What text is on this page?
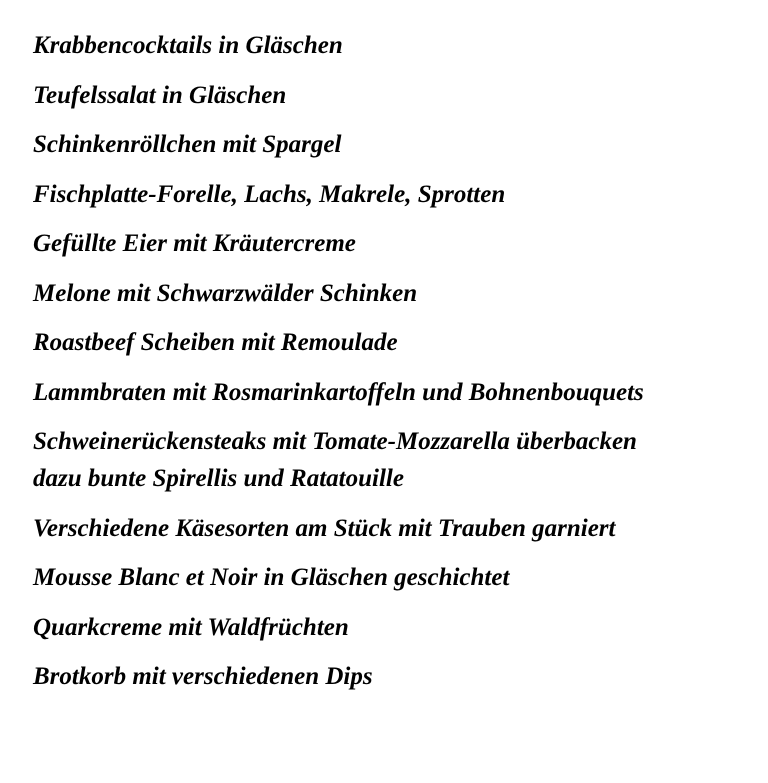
Krabbencocktails in Gläschen
Teufelssalat in Gläschen
Schinkenröllchen mit Spargel
Fischplatte-Forelle, Lachs, Makrele, Sprotten
Gefüllte Eier mit Kräutercreme
Melone mit Schwarzwälder Schinken
Roastbeef Scheiben mit Remoulade
Lammbraten mit Rosmarinkartoffeln und Bohnenbouquets
Schweinerückensteaks mit Tomate-Mozzarella überbacken
dazu bunte Spirellis und Ratatouille
Verschiedene Käsesorten am Stück mit Trauben garniert
Mousse Blanc et Noir in Gläschen geschichtet
Quarkcreme mit Waldfrüchten
Brotkorb mit verschiedenen Dips
